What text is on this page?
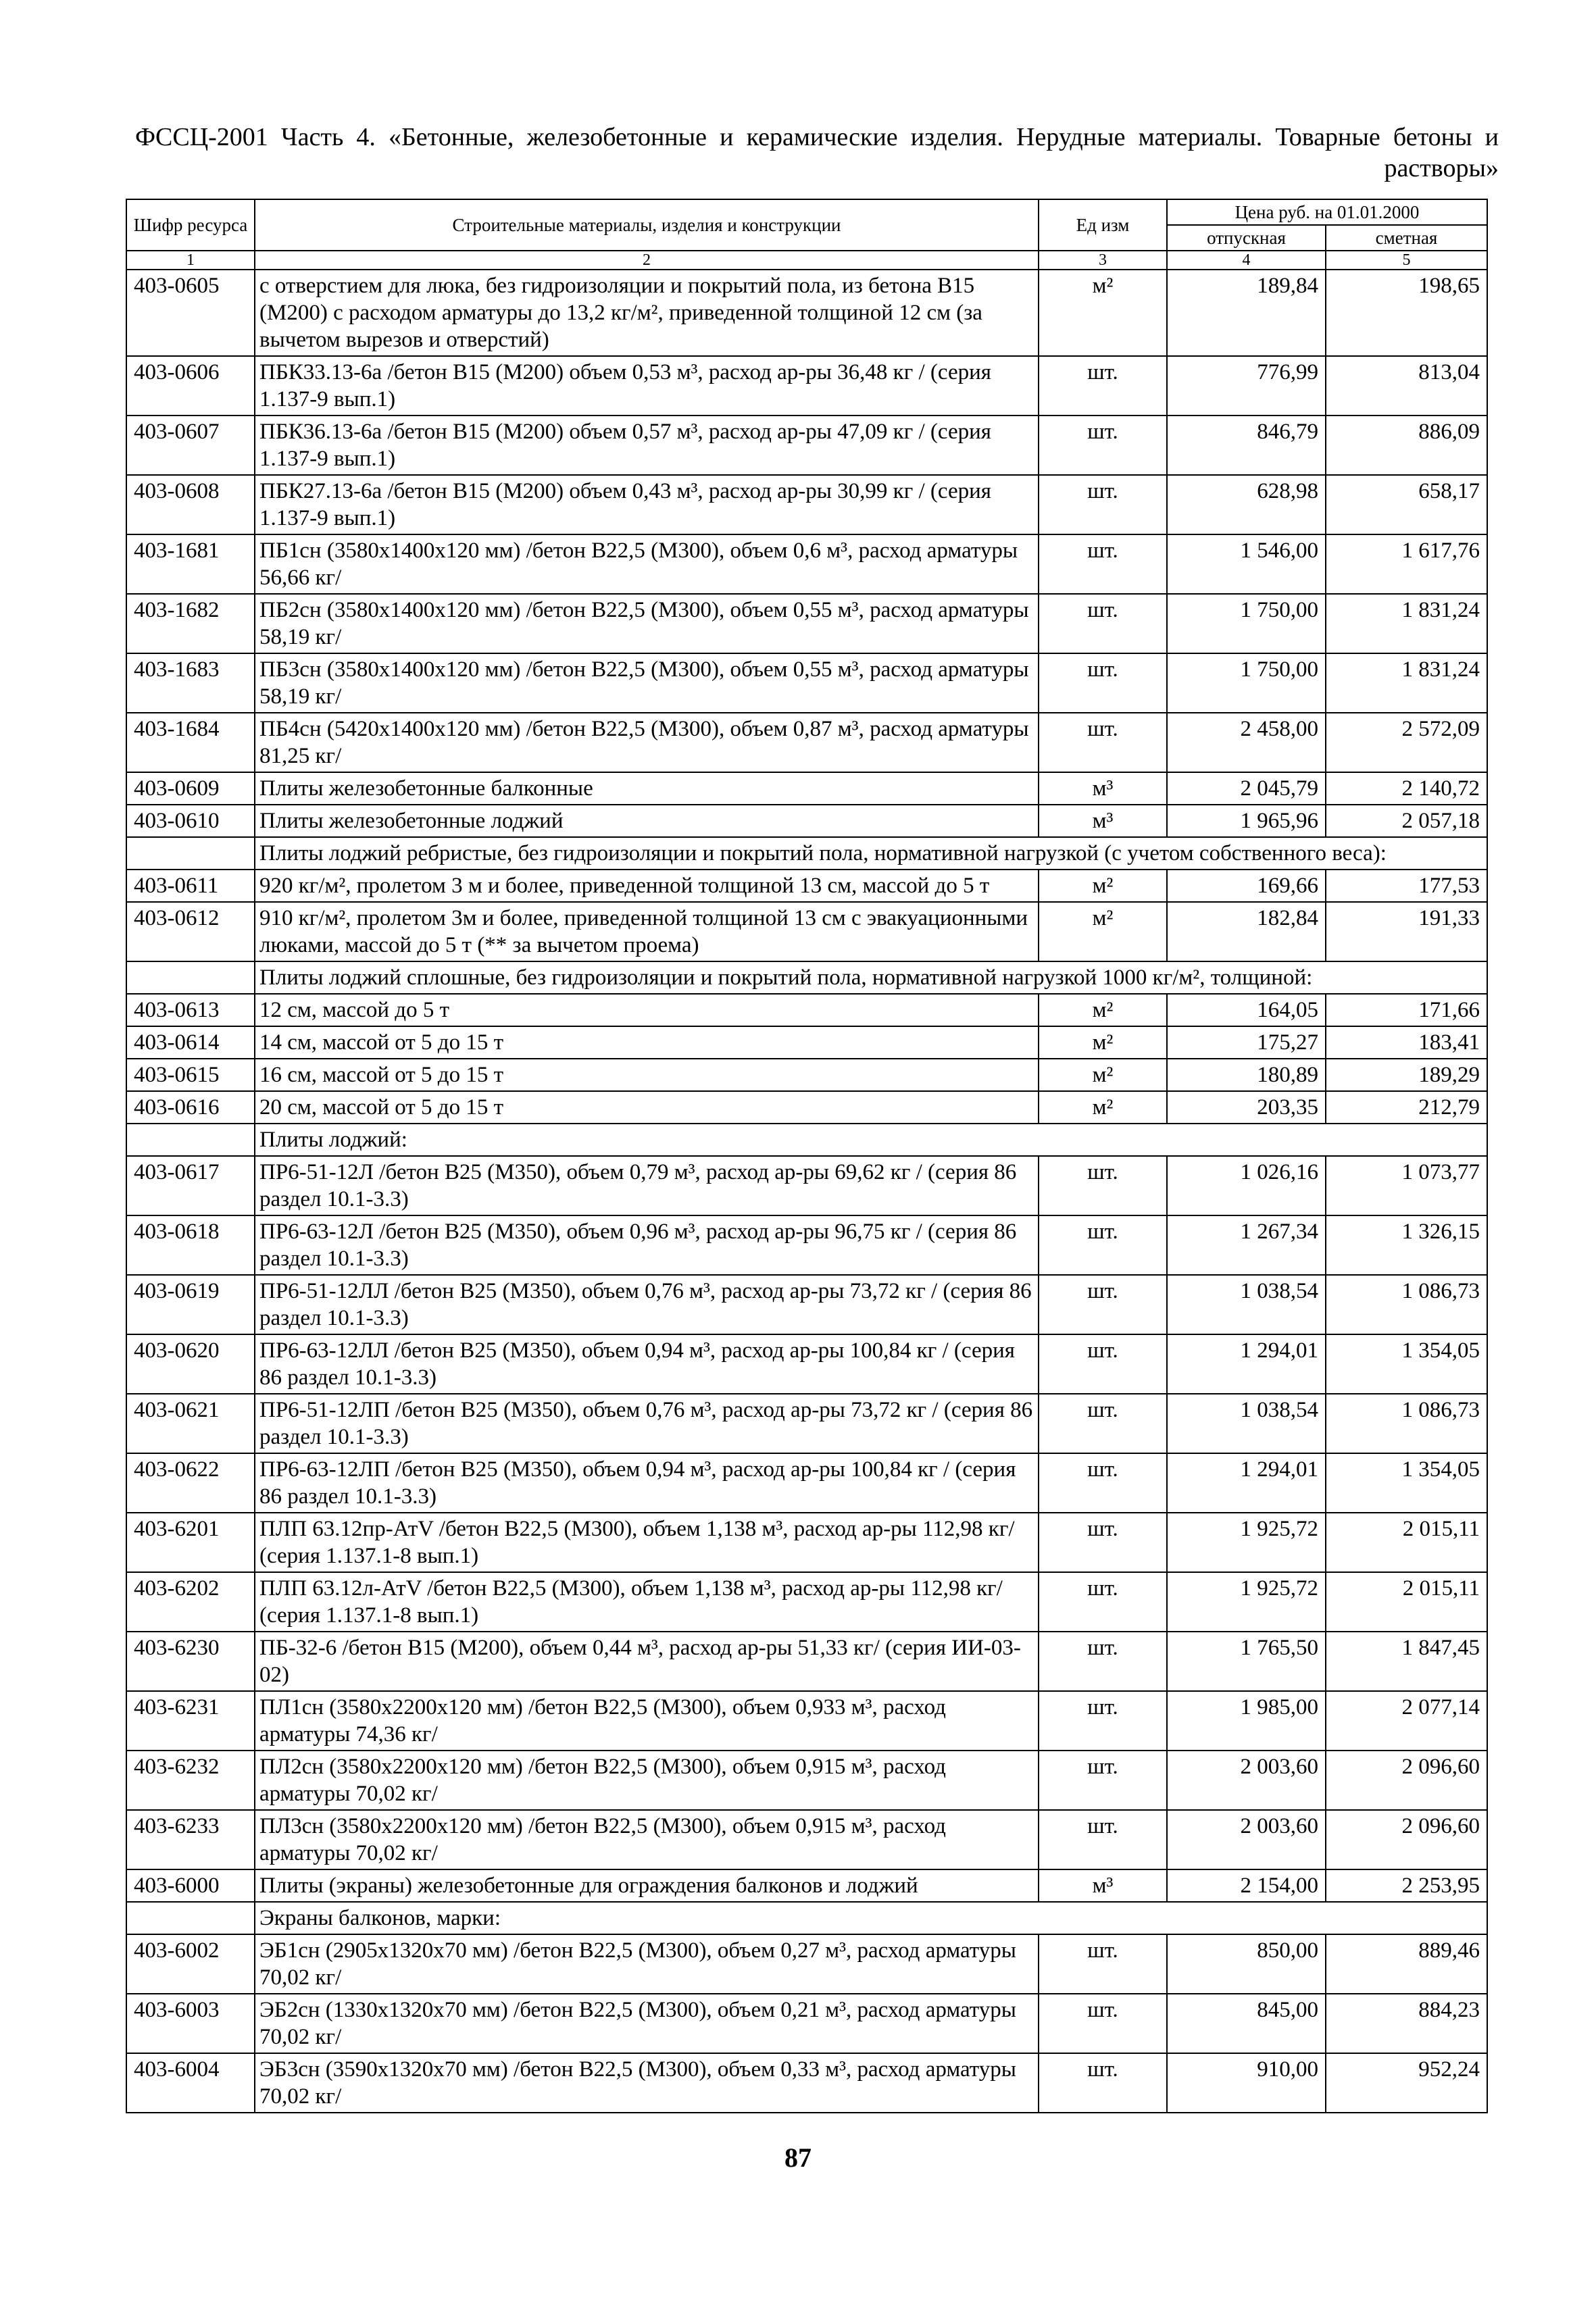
ФССЦ-2001 Часть 4. «Бетонные, железобетонные и керамические изделия. Нерудные материалы. Товарные бетоны и растворы»
Шифр ресурса	Строительные материалы, изделия и конструкции	Ед изм	Цена руб. на 01.01.2000	
			отпускная	сметная
1	2	3	4	5
403-0605	с отверстием для люка, без гидроизоляции и покрытий пола, из бетона В15 (М200) с расходом арматуры до 13,2 кг/м², приведенной толщиной 12 см (за вычетом вырезов и отверстий)	м²	189,84	198,65
403-0606	ПБК33.13-6а /бетон В15 (М200) объем 0,53 м³, расход ар-ры 36,48 кг / (серия 1.137-9 вып.1)	шт.	776,99	813,04
403-0607	ПБК36.13-6а /бетон В15 (М200) объем 0,57 м³, расход ар-ры 47,09 кг / (серия 1.137-9 вып.1)	шт.	846,79	886,09
403-0608	ПБК27.13-6а /бетон В15 (М200) объем 0,43 м³, расход ар-ры 30,99 кг / (серия 1.137-9 вып.1)	шт.	628,98	658,17
403-1681	ПБ1сн (3580х1400х120 мм) /бетон В22,5 (М300), объем 0,6 м³, расход арматуры 56,66 кг/	шт.	1 546,00	1 617,76
403-1682	ПБ2сн (3580х1400х120 мм) /бетон В22,5 (М300), объем 0,55 м³, расход арматуры 58,19 кг/	шт.	1 750,00	1 831,24
403-1683	ПБ3сн (3580х1400х120 мм) /бетон В22,5 (М300), объем 0,55 м³, расход арматуры 58,19 кг/	шт.	1 750,00	1 831,24
403-1684	ПБ4сн (5420х1400х120 мм) /бетон В22,5 (М300), объем 0,87 м³, расход арматуры 81,25 кг/	шт.	2 458,00	2 572,09
403-0609	Плиты железобетонные балконные	м³	2 045,79	2 140,72
403-0610	Плиты железобетонные лоджий	м³	1 965,96	2 057,18
	Плиты лоджий ребристые, без гидроизоляции и покрытий пола, нормативной нагрузкой (с учетом собственного веса):			
403-0611	920 кг/м², пролетом 3 м и более, приведенной толщиной 13 см, массой до 5 т	м²	169,66	177,53
403-0612	910 кг/м², пролетом 3м и более, приведенной толщиной 13 см с эвакуационными люками, массой до 5 т (** за вычетом проема)	м²	182,84	191,33
	Плиты лоджий сплошные, без гидроизоляции и покрытий пола, нормативной нагрузкой 1000 кг/м², толщиной:			
403-0613	12 см, массой до 5 т	м²	164,05	171,66
403-0614	14 см, массой от 5 до 15 т	м²	175,27	183,41
403-0615	16 см, массой от 5 до 15 т	м²	180,89	189,29
403-0616	20 см, массой от 5 до 15 т	м²	203,35	212,79
	Плиты лоджий:			
403-0617	ПР6-51-12Л /бетон В25 (М350), объем 0,79 м³, расход ар-ры 69,62 кг / (серия 86 раздел 10.1-3.3)	шт.	1 026,16	1 073,77
403-0618	ПР6-63-12Л /бетон В25 (М350), объем 0,96 м³, расход ар-ры 96,75 кг / (серия 86 раздел 10.1-3.3)	шт.	1 267,34	1 326,15
403-0619	ПР6-51-12ЛЛ /бетон В25 (М350), объем 0,76 м³, расход ар-ры 73,72 кг / (серия 86 раздел 10.1-3.3)	шт.	1 038,54	1 086,73
403-0620	ПР6-63-12ЛЛ /бетон В25 (М350), объем 0,94 м³, расход ар-ры 100,84 кг / (серия 86 раздел 10.1-3.3)	шт.	1 294,01	1 354,05
403-0621	ПР6-51-12ЛП /бетон В25 (М350), объем 0,76 м³, расход ар-ры 73,72 кг / (серия 86 раздел 10.1-3.3)	шт.	1 038,54	1 086,73
403-0622	ПР6-63-12ЛП /бетон В25 (М350), объем 0,94 м³, расход ар-ры 100,84 кг / (серия 86 раздел 10.1-3.3)	шт.	1 294,01	1 354,05
403-6201	ПЛП 63.12пр-АтV /бетон В22,5 (М300), объем 1,138 м³, расход ар-ры 112,98 кг/ (серия 1.137.1-8 вып.1)	шт.	1 925,72	2 015,11
403-6202	ПЛП 63.12л-АтV /бетон В22,5 (М300), объем 1,138 м³, расход ар-ры 112,98 кг/ (серия 1.137.1-8 вып.1)	шт.	1 925,72	2 015,11
403-6230	ПБ-32-6 /бетон В15 (М200), объем 0,44 м³, расход ар-ры 51,33 кг/ (серия ИИ-03-02)	шт.	1 765,50	1 847,45
403-6231	ПЛ1сн (3580х2200х120 мм) /бетон В22,5 (М300), объем 0,933 м³, расход арматуры 74,36 кг/	шт.	1 985,00	2 077,14
403-6232	ПЛ2сн (3580х2200х120 мм) /бетон В22,5 (М300), объем 0,915 м³, расход арматуры 70,02 кг/	шт.	2 003,60	2 096,60
403-6233	ПЛ3сн (3580х2200х120 мм) /бетон В22,5 (М300), объем 0,915 м³, расход арматуры 70,02 кг/	шт.	2 003,60	2 096,60
403-6000	Плиты (экраны) железобетонные для ограждения балконов и лоджий	м³	2 154,00	2 253,95
	Экраны балконов, марки:			
403-6002	ЭБ1сн (2905х1320х70 мм) /бетон В22,5 (М300), объем 0,27 м³, расход арматуры 70,02 кг/	шт.	850,00	889,46
403-6003	ЭБ2сн (1330х1320х70 мм) /бетон В22,5 (М300), объем 0,21 м³, расход арматуры 70,02 кг/	шт.	845,00	884,23
403-6004	ЭБ3сн (3590х1320х70 мм) /бетон В22,5 (М300), объем 0,33 м³, расход арматуры 70,02 кг/	шт.	910,00	952,24
87
